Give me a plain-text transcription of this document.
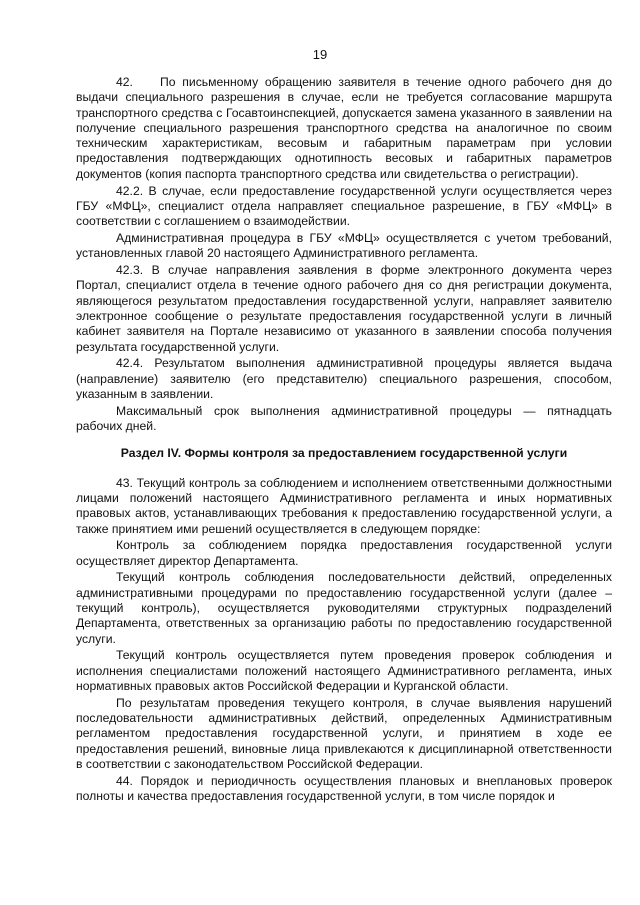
19

42.    По письменному обращению заявителя в течение одного рабочего дня до выдачи специального разрешения в случае, если не требуется согласование маршрута транспортного средства с Госавтоинспекцией, допускается замена указанного в заявлении на получение специального разрешения транспортного средства на аналогичное по своим техническим характеристикам, весовым и габаритным параметрам при условии предоставления подтверждающих однотипность весовых и габаритных параметров документов (копия паспорта транспортного средства или свидетельства о регистрации).

42.2. В случае, если предоставление государственной услуги осуществляется через ГБУ «МФЦ», специалист отдела направляет специальное разрешение, в ГБУ «МФЦ» в соответствии с соглашением о взаимодействии.

Административная процедура в ГБУ «МФЦ» осуществляется с учетом требований, установленных главой 20 настоящего Административного регламента.

42.3. В случае направления заявления в форме электронного документа через Портал, специалист отдела в течение одного рабочего дня со дня регистрации документа, являющегося результатом предоставления государственной услуги, направляет заявителю электронное сообщение о результате предоставления государственной услуги в личный кабинет заявителя на Портале независимо от указанного в заявлении способа получения результата государственной услуги.

42.4. Результатом выполнения административной процедуры является выдача (направление) заявителю (его представителю) специального разрешения, способом, указанным в заявлении.

Максимальный срок выполнения административной процедуры — пятнадцать рабочих дней.

Раздел IV. Формы контроля за предоставлением государственной услуги

43. Текущий контроль за соблюдением и исполнением ответственными должностными лицами положений настоящего Административного регламента и иных нормативных правовых актов, устанавливающих требования к предоставлению государственной услуги, а также принятием ими решений осуществляется в следующем порядке:

Контроль за соблюдением порядка предоставления государственной услуги осуществляет директор Департамента.

Текущий контроль соблюдения последовательности действий, определенных административными процедурами по предоставлению государственной услуги (далее – текущий контроль), осуществляется руководителями структурных подразделений Департамента, ответственных за организацию работы по предоставлению государственной услуги.

Текущий контроль осуществляется путем проведения проверок соблюдения и исполнения специалистами положений настоящего Административного регламента, иных нормативных правовых актов Российской Федерации и Курганской области.

По результатам проведения текущего контроля, в случае выявления нарушений последовательности административных действий, определенных Административным регламентом предоставления государственной услуги, и принятием в ходе ее предоставления решений, виновные лица привлекаются к дисциплинарной ответственности в соответствии с законодательством Российской Федерации.

44. Порядок и периодичность осуществления плановых и внеплановых проверок полноты и качества предоставления государственной услуги, в том числе порядок и
